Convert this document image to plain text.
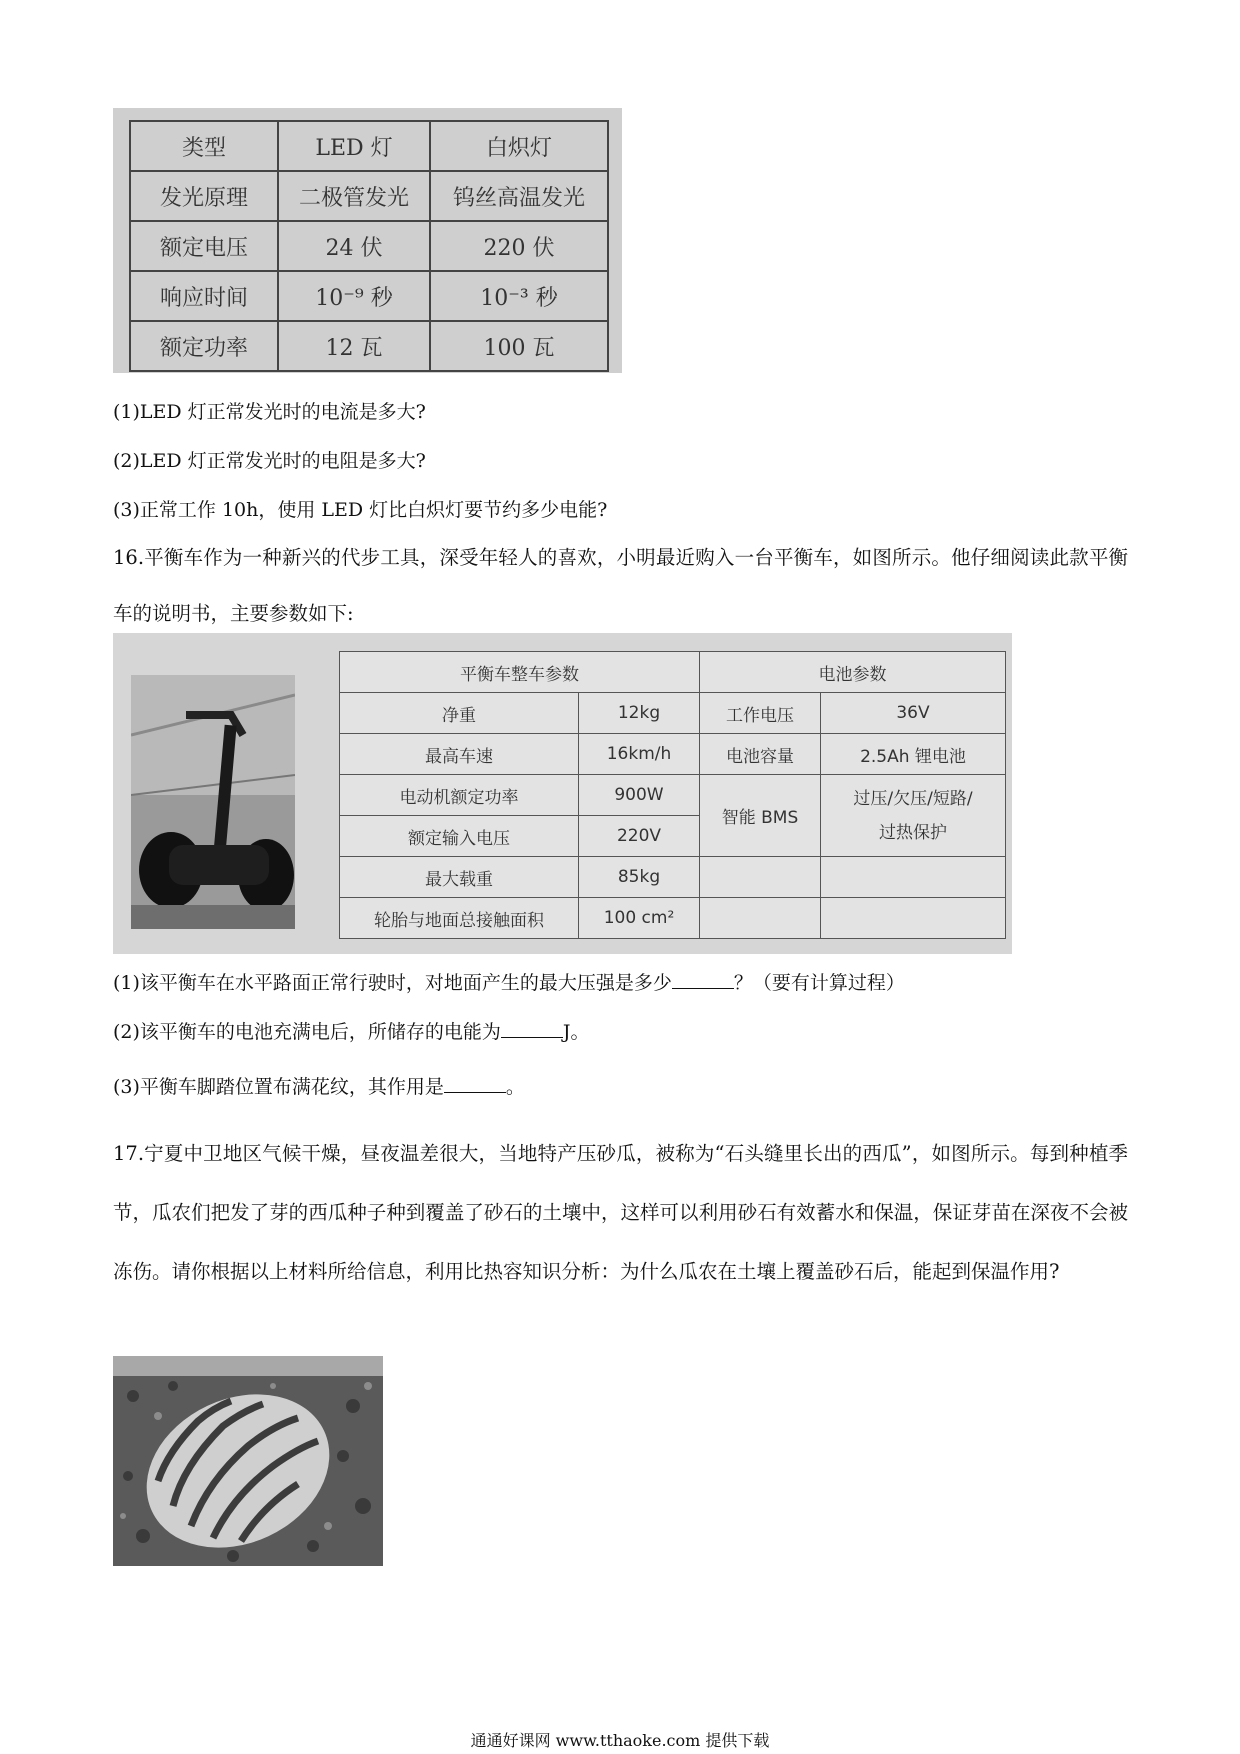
类型	LED 灯	白炽灯
发光原理	二极管发光	钨丝高温发光
额定电压	24 伏	220 伏
响应时间	10⁻⁹ 秒	10⁻³ 秒
额定功率	12 瓦	100 瓦
(1)LED 灯正常发光时的电流是多大?
(2)LED 灯正常发光时的电阻是多大?
(3)正常工作 10h，使用 LED 灯比白炽灯要节约多少电能?
16.平衡车作为一种新兴的代步工具，深受年轻人的喜欢，小明最近购入一台平衡车，如图所示。他仔细阅读此款平衡车的说明书，主要参数如下:
平衡车整车参数		电池参数	
净重	12kg	工作电压	36V
最高车速	16km/h	电池容量	2.5Ah 锂电池
电动机额定功率	900W	智能 BMS	过压/欠压/短路/
过热保护
额定输入电压	220V		
最大载重	85kg		
轮胎与地面总接触面积	100 cm²		
(1)该平衡车在水平路面正常行驶时，对地面产生的最大压强是多少	？（要有计算过程）
(2)该平衡车的电池充满电后，所储存的电能为	J。
(3)平衡车脚踏位置布满花纹，其作用是	。
17.宁夏中卫地区气候干燥，昼夜温差很大，当地特产压砂瓜，被称为“石头缝里长出的西瓜”，如图所示。每到种植季节，瓜农们把发了芽的西瓜种子种到覆盖了砂石的土壤中，这样可以利用砂石有效蓄水和保温，保证芽苗在深夜不会被冻伤。请你根据以上材料所给信息，利用比热容知识分析：为什么瓜农在土壤上覆盖砂石后，能起到保温作用?
通通好课网 www.tthaoke.com 提供下载
